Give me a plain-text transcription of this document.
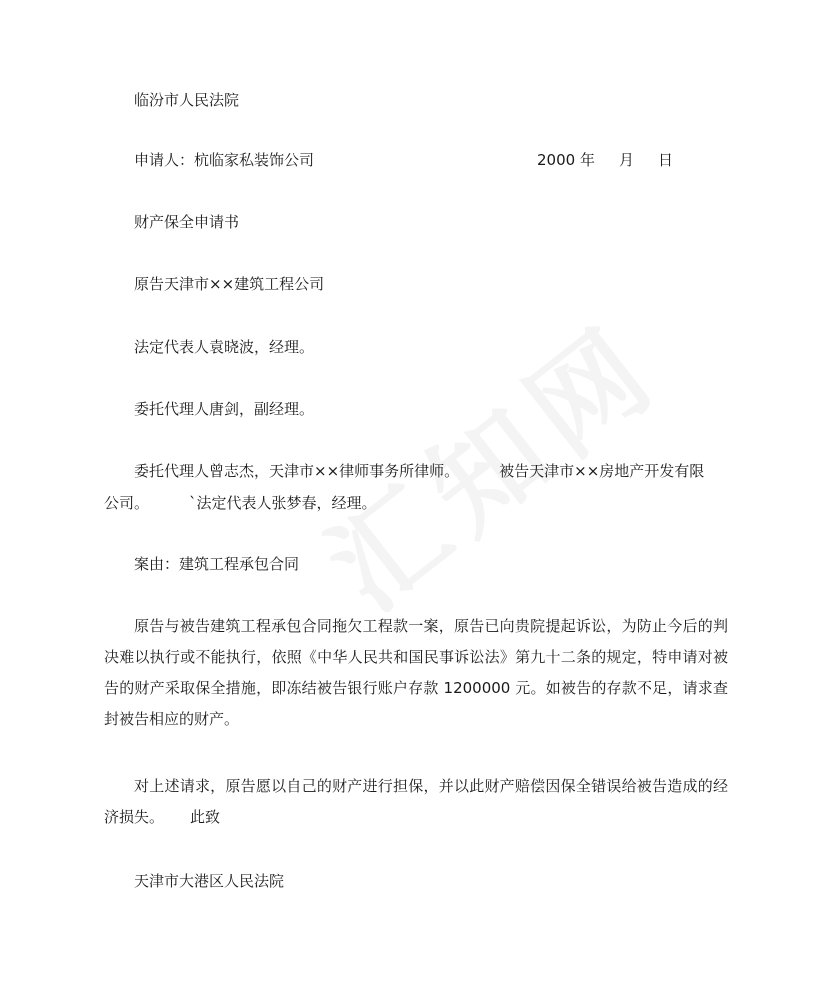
临汾市人民法院
申请人：杭临家私装饰公司	2000 年 月 日
财产保全申请书
原告天津市××建筑工程公司
法定代表人袁晓波，经理。
委托代理人唐剑，副经理。
委托代理人曾志杰，天津市××律师事务所律师。	被告天津市××房地产开发有限
公司。	`法定代表人张梦春，经理。
案由：建筑工程承包合同
原告与被告建筑工程承包合同拖欠工程款一案，原告已向贵院提起诉讼，为防止今后的判决难以执行或不能执行，依照《中华人民共和国民事诉讼法》第九十二条的规定，特申请对被告的财产采取保全措施，即冻结被告银行账户存款 1200000 元。如被告的存款不足，请求查封被告相应的财产。
对上述请求，原告愿以自己的财产进行担保，并以此财产赔偿因保全错误给被告造成的经济损失。 此致
天津市大港区人民法院
